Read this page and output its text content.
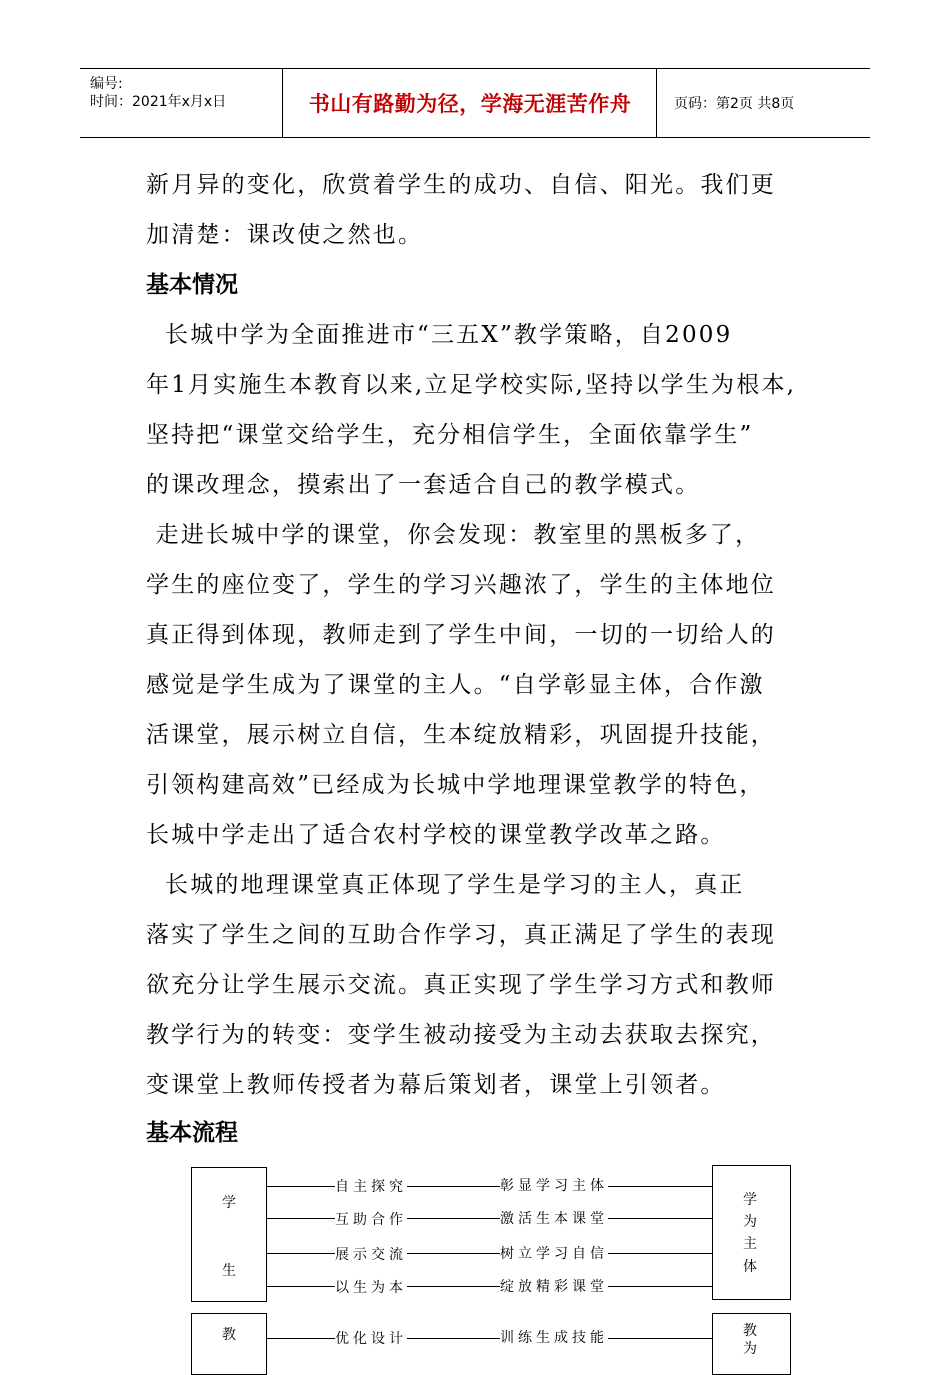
编号:
时间：2021年x月x日	书山有路勤为径，学海无涯苦作舟	页码：第2页 共8页
新月异的变化，欣赏着学生的成功、自信、阳光。我们更
加清楚：课改使之然也。
基本情况
长城中学为全面推进市“三五X”教学策略，自2009
年1月实施生本教育以来,立足学校实际,坚持以学生为根本,
坚持把“课堂交给学生，充分相信学生，全面依靠学生”
的课改理念，摸索出了一套适合自己的教学模式。
走进长城中学的课堂，你会发现：教室里的黑板多了，
学生的座位变了，学生的学习兴趣浓了，学生的主体地位
真正得到体现，教师走到了学生中间，一切的一切给人的
感觉是学生成为了课堂的主人。“自学彰显主体，合作激
活课堂，展示树立自信，生本绽放精彩，巩固提升技能，
引领构建高效”已经成为长城中学地理课堂教学的特色，
长城中学走出了适合农村学校的课堂教学改革之路。
长城的地理课堂真正体现了学生是学习的主人，真正
落实了学生之间的互助合作学习，真正满足了学生的表现
欲充分让学生展示交流。真正实现了学生学习方式和教师
教学行为的转变：变学生被动接受为主动去获取去探究，
变课堂上教师传授者为幕后策划者，课堂上引领者。
基本流程
学
生
学
为
主
体
自主探究	彰显学习主体
互助合作	激活生本课堂
展示交流	树立学习自信
以生为本	绽放精彩课堂
教	教
为
优化设计	训练生成技能
